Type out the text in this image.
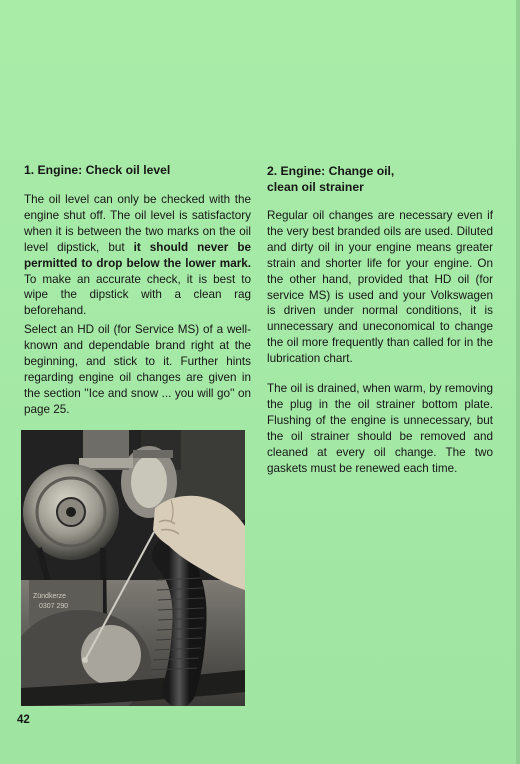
1. Engine: Check oil level

The oil level can only be checked with the engine shut off. The oil level is satisfactory when it is between the two marks on the oil level dipstick, but it should never be permitted to drop below the lower mark. To make an accurate check, it is best to wipe the dipstick with a clean rag beforehand.

Select an HD oil (for Service MS) of a well-known and dependable brand right at the beginning, and stick to it. Further hints regarding engine oil changes are given in the section ''Ice and snow ... you will go'' on page 25.

2. Engine: Change oil,
clean oil strainer

Regular oil changes are necessary even if the very best branded oils are used. Diluted and dirty oil in your engine means greater strain and shorter life for your engine. On the other hand, provided that HD oil (for service MS) is used and your Volkswagen is driven under normal conditions, it is unnecessary and uneconomical to change the oil more frequently than called for in the lubrication chart.

The oil is drained, when warm, by removing the plug in the oil strainer bottom plate. Flushing of the engine is unnecessary, but the oil strainer should be removed and cleaned at every oil change. The two gaskets must be renewed each time.

Zündkerze
0307 290
42
